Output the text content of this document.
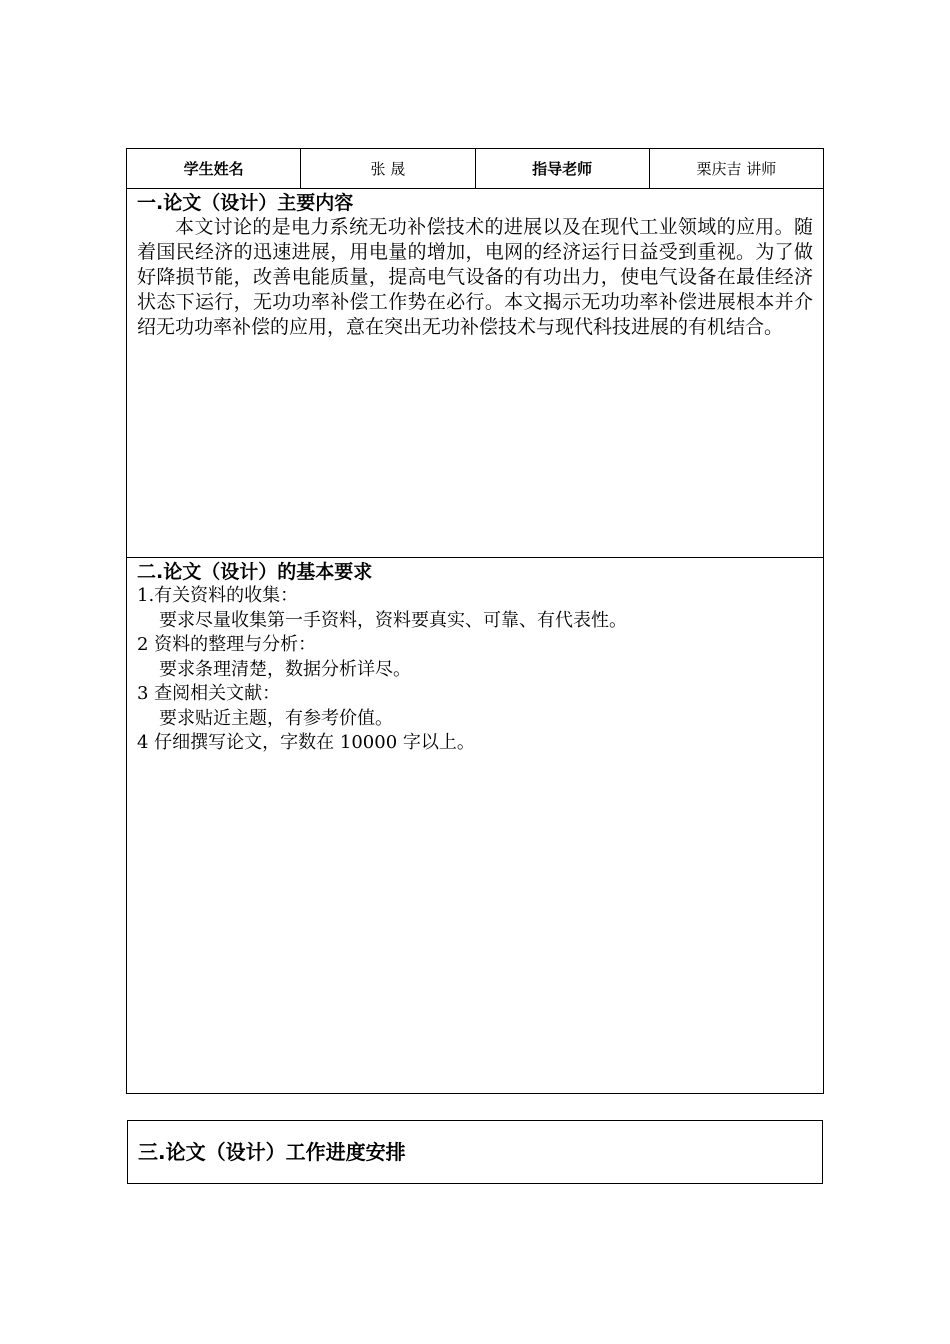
学生姓名	张 晟	指导老师	栗庆吉 讲师

一.论文（设计）主要内容

本文讨论的是电力系统无功补偿技术的进展以及在现代工业领域的应用。随着国民经济的迅速进展，用电量的增加，电网的经济运行日益受到重视。为了做好降损节能，改善电能质量，提高电气设备的有功出力，使电气设备在最佳经济状态下运行，无功功率补偿工作势在必行。本文揭示无功功率补偿进展根本并介绍无功功率补偿的应用，意在突出无功补偿技术与现代科技进展的有机结合。

二.论文（设计）的基本要求

1.有关资料的收集：
要求尽量收集第一手资料，资料要真实、可靠、有代表性。
2 资料的整理与分析：
要求条理清楚，数据分析详尽。
3 查阅相关文献：
要求贴近主题，有参考价值。
4 仔细撰写论文，字数在 10000 字以上。

三.论文（设计）工作进度安排
